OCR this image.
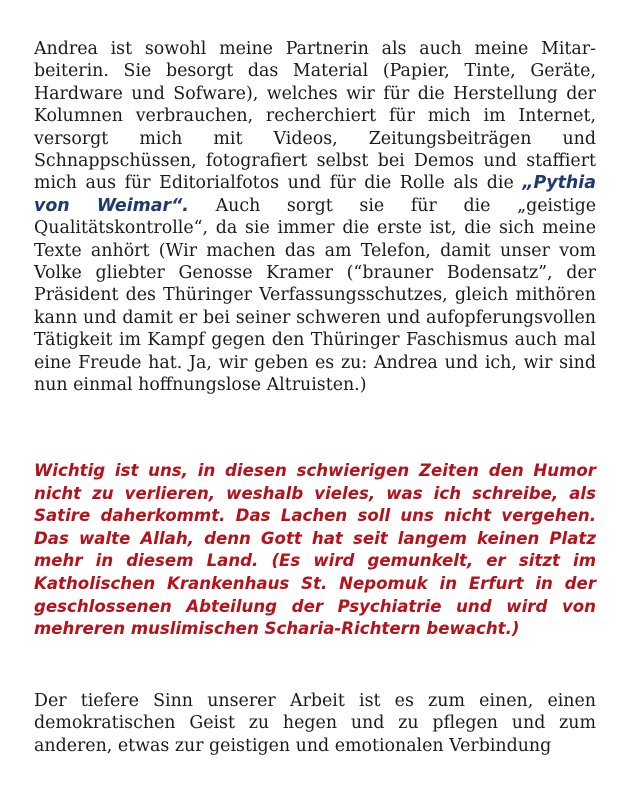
Andrea ist sowohl meine Partnerin als auch meine Mitarbeiterin. Sie besorgt das Material (Papier, Tinte, Geräte, Hardware und Sofware), welches wir für die Herstellung der Kolumnen verbrauchen, recherchiert für mich im Internet, versorgt mich mit Videos, Zeitungsbeiträgen und Schnappschüssen, fotografiert selbst bei Demos und staffiert mich aus für Editorialfotos und für die Rolle als die „Pythia von Weimar“. Auch sorgt sie für die „geistige Qualitätskontrolle“, da sie immer die erste ist, die sich meine Texte anhört (Wir machen das am Telefon, damit unser vom Volke gliebter Genosse Kramer (“brauner Bodensatz”, der Präsident des Thüringer Verfassungsschutzes, gleich mithören kann und damit er bei seiner schweren und aufopferungsvollen Tätigkeit im Kampf gegen den Thüringer Faschismus auch mal eine Freude hat. Ja, wir geben es zu: Andrea und ich, wir sind nun einmal hoffnungslose Altruisten.)

Wichtig ist uns, in diesen schwierigen Zeiten den Humor nicht zu verlieren, weshalb vieles, was ich schreibe, als Satire daherkommt. Das Lachen soll uns nicht vergehen. Das walte Allah, denn Gott hat seit langem keinen Platz mehr in diesem Land. (Es wird gemunkelt, er sitzt im Katholischen Krankenhaus St. Nepomuk in Erfurt in der geschlossenen Abteilung der Psychiatrie und wird von mehreren muslimischen Scharia-Richtern bewacht.)

Der tiefere Sinn unserer Arbeit ist es zum einen, einen demokratischen Geist zu hegen und zu pflegen und zum anderen, etwas zur geistigen und emotionalen Verbindung
